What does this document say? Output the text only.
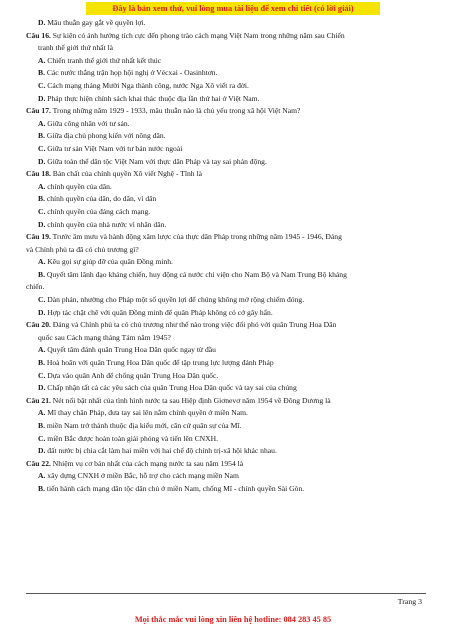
Đây là bản xem thử, vui lòng mua tài liệu để xem chi tiết (có lời giải)
D. Mâu thuẫn gay gắt về quyền lợi.
Câu 16. Sự kiện có ảnh hưởng tích cực đến phong trào cách mạng Việt Nam trong những năm sau Chiến
tranh thế giới thứ nhất là
A. Chiến tranh thế giới thứ nhất kết thúc
B. Các nước thắng trận họp hội nghị ở Vécxai - Oasinhtơn.
C. Cách mạng tháng Mười Nga thành công, nước Nga Xô viết ra đời.
D. Pháp thực hiện chính sách khai thác thuộc địa lần thứ hai ở Việt Nam.
Câu 17. Trong những năm 1929 - 1933, mâu thuẫn nào là chủ yếu trong xã hội Việt Nam?
A. Giữa công nhân với tư sản.
B. Giữa địa chủ phong kiến với nông dân.
C. Giữa tư sản Việt Nam với tư bản nước ngoài
D. Giữa toàn thể dân tộc Việt Nam với thực dân Pháp và tay sai phản động.
Câu 18. Bản chất của chính quyền Xô viết Nghệ - Tĩnh là
A. chính quyền của dân.
B. chính quyền của dân, do dân, vì dân
C. chính quyền của đảng cách mạng.
D. chính quyền của nhà nước vì nhân dân.
Câu 19. Trước âm mưu và hành động xâm lược của thực dân Pháp trong những năm 1945 - 1946, Đảng
và Chính phủ ta đã có chủ trương gì?
A. Kêu gọi sự giúp đỡ của quân Đồng minh.
B. Quyết tâm lãnh đạo kháng chiến, huy động cả nước chi viện cho Nam Bộ và Nam Trung Bộ kháng
chiến.
C. Dàn phán, nhường cho Pháp một số quyền lợi để chúng không mở rộng chiếm đóng.
D. Hợp tác chặt chẽ với quân Đồng minh để quân Pháp không có cớ gây hấn.
Câu 20. Đảng và Chính phủ ta có chủ trương như thế nào trong việc đối phó với quân Trung Hoa Dân
quốc sau Cách mạng tháng Tám năm 1945?
A. Quyết tâm đánh quân Trung Hoa Dân quốc ngay từ đầu
B. Hoà hoãn với quân Trung Hoa Dân quốc để tập trung lực lượng đánh Pháp
C. Dựa vào quân Anh để chống quân Trung Hoa Dân quốc.
D. Chấp nhận tất cả các yêu sách của quân Trung Hoa Dân quốc và tay sai của chúng
Câu 21. Nét nổi bật nhất của tình hình nước ta sau Hiệp định Giơnevơ năm 1954 về Đông Dương là
A. Mĩ thay chân Pháp, đưa tay sai lên nắm chính quyền ở miền Nam.
B. miền Nam trở thành thuộc địa kiểu mới, căn cứ quân sự của Mĩ.
C. miền Bắc được hoàn toàn giải phóng và tiến lên CNXH.
D. đất nước bị chia cắt làm hai miền với hai chế độ chính trị-xã hội khác nhau.
Câu 22. Nhiệm vụ cơ bản nhất của cách mạng nước ta sau năm 1954 là
A. xây dựng CNXH ở miền Bắc, hỗ trợ cho cách mạng miền Nam
B. tiến hành cách mạng dân tộc dân chủ ở miền Nam, chống Mĩ - chính quyền Sài Gòn.
Trang 3
Mọi thắc mắc vui lòng xin liên hệ hotline: 084 283 45 85
